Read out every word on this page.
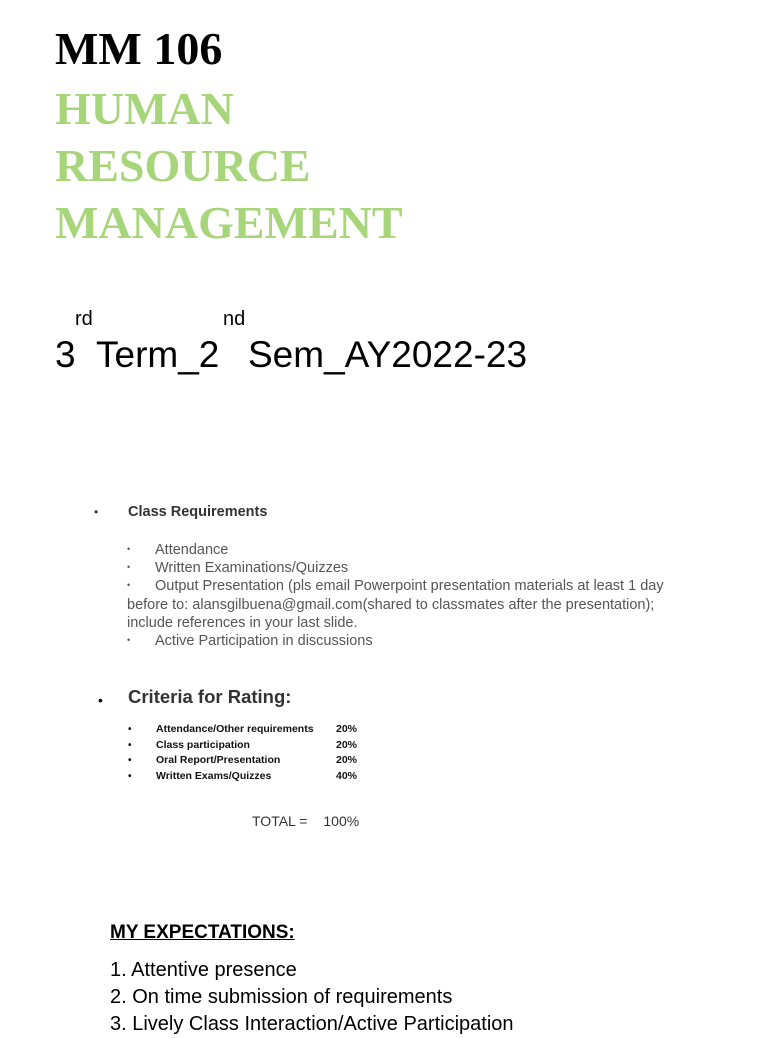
MM 106
HUMAN
RESOURCE
MANAGEMENT
3
rd
Term_2
nd
Sem_AY2022-23
• Class Requirements
• Attendance
• Written Examinations/Quizzes
• Output Presentation (pls email Powerpoint presentation materials at least 1 day
before to: alansgilbuena@gmail.com(shared to classmates after the presentation);
include references in your last slide.
• Active Participation in discussions
• Criteria for Rating:
• Attendance/Other requirements 20%
• Class participation	20%
• Oral Report/Presentation	20%
• Written Exams/Quizzes	40%
TOTAL = 100%
MY EXPECTATIONS:
1. Attentive presence
2. On time submission of requirements
3. Lively Class Interaction/Active Participation
